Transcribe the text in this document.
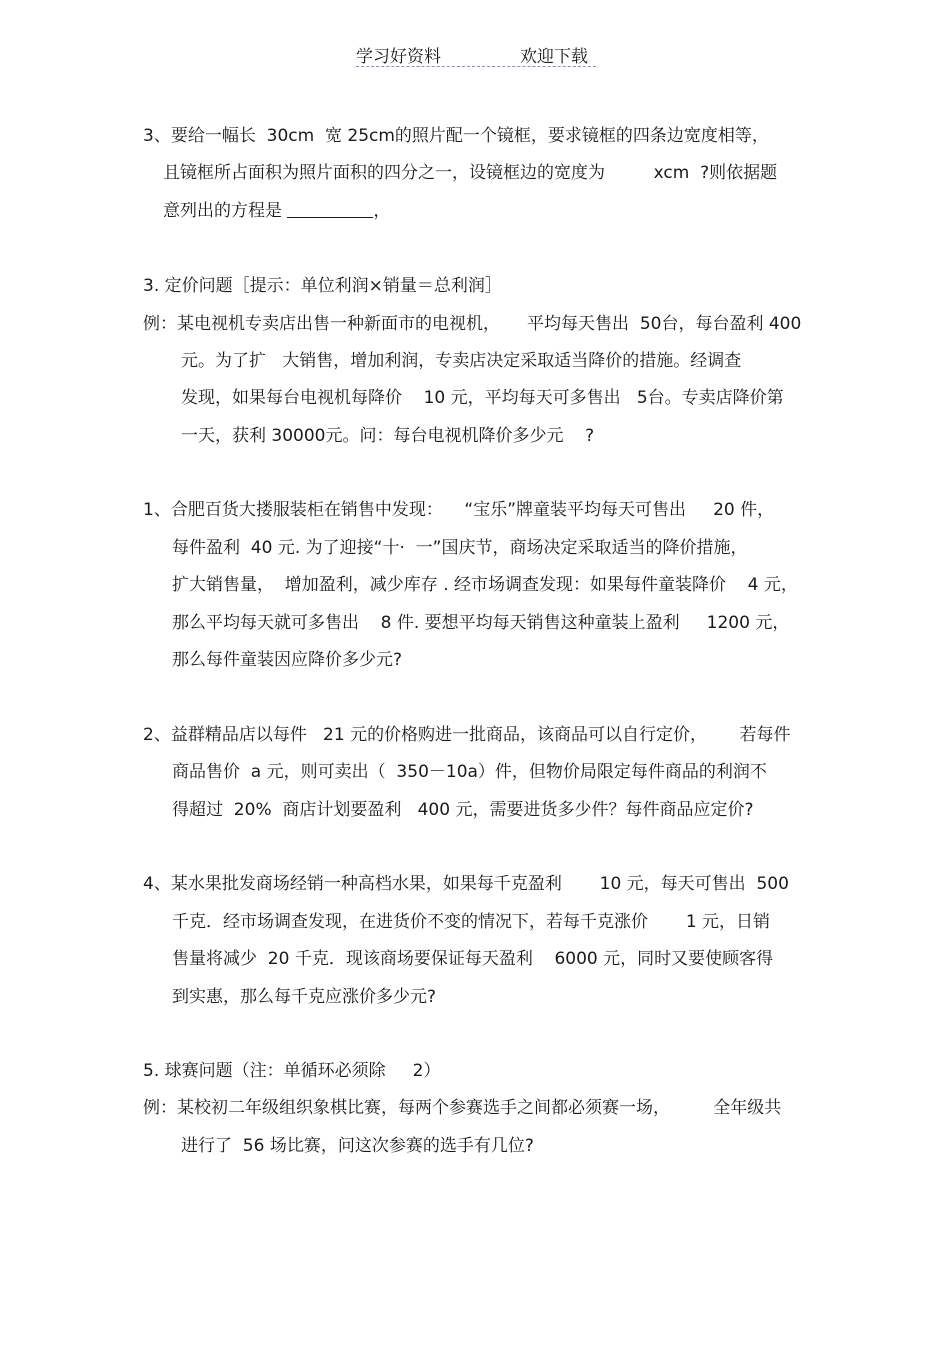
学习好资料	欢迎下载
3、要给一幅长  30cm  宽 25cm的照片配一个镜框，要求镜框的四条边宽度相等，
且镜框所占面积为照片面积的四分之一，设镜框边的宽度为         xcm  ?则依据题
意列出的方程是	，
3. 定价问题［提示：单位利润×销量＝总利润］
例：某电视机专卖店出售一种新面市的电视机，     平均每天售出  50台，每台盈利 400
元。为了扩   大销售，增加利润，专卖店决定采取适当降价的措施。经调查
发现，如果每台电视机每降价    10 元，平均每天可多售出   5台。专卖店降价第
一天，获利 30000元。问：每台电视机降价多少元    ?
1、合肥百货大搂服装柜在销售中发现：    “宝乐”牌童装平均每天可售出     20 件，
每件盈利  40 元. 为了迎接“十·  一”国庆节，商场决定采取适当的降价措施，
扩大销售量，  增加盈利，减少库存 . 经市场调查发现：如果每件童装降价    4 元，
那么平均每天就可多售出    8 件. 要想平均每天销售这种童装上盈利     1200 元，
那么每件童装因应降价多少元?
2、益群精品店以每件   21 元的价格购进一批商品，该商品可以自行定价，      若每件
商品售价  a 元，则可卖出（  350－10a）件，但物价局限定每件商品的利润不
得超过  20%  商店计划要盈利   400 元，需要进货多少件？每件商品应定价?
4、某水果批发商场经销一种高档水果，如果每千克盈利       10 元，每天可售出  500
千克．经市场调查发现，在进货价不变的情况下，若每千克涨价       1 元，日销
售量将减少  20 千克．现该商场要保证每天盈利    6000 元，同时又要使顾客得
到实惠，那么每千克应涨价多少元?
5. 球赛问题（注：单循环必须除     2）
例：某校初二年级组织象棋比赛，每两个参赛选手之间都必须赛一场，        全年级共
进行了  56 场比赛，问这次参赛的选手有几位?
